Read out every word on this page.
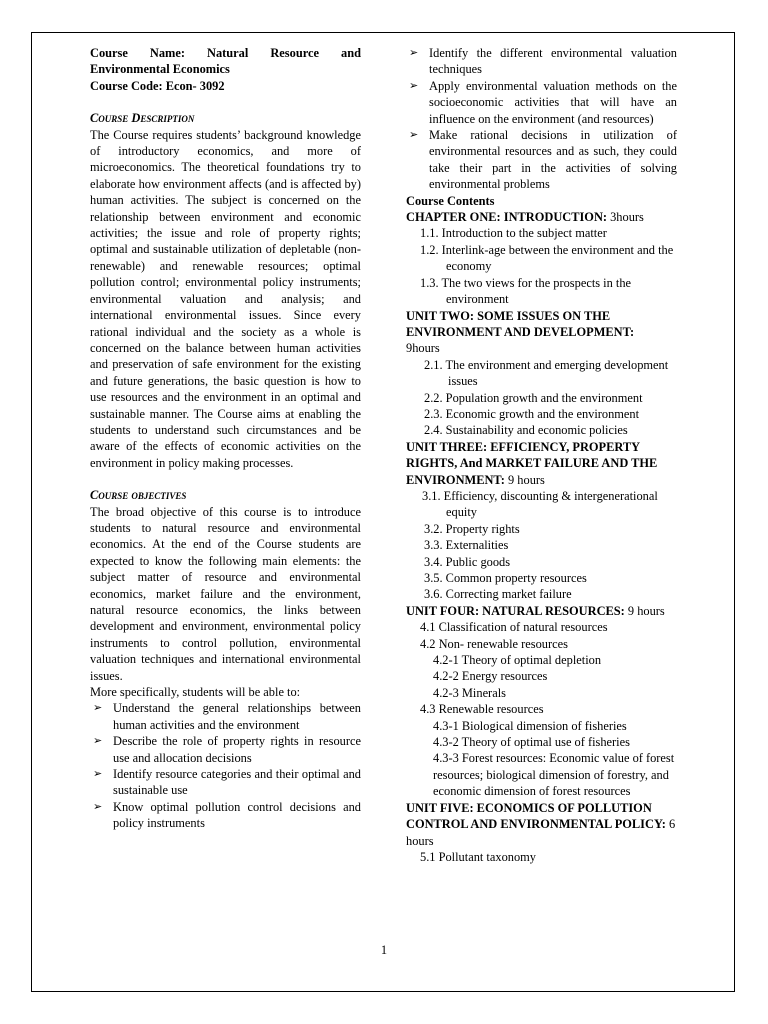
Course Name: Natural Resource and Environmental Economics
Course Code: Econ- 3092
Course Description
The Course requires students’ background knowledge of introductory economics, and more of microeconomics. The theoretical foundations try to elaborate how environment affects (and is affected by) human activities. The subject is concerned on the relationship between environment and economic activities; the issue and role of property rights; optimal and sustainable utilization of depletable (non-renewable) and renewable resources; optimal pollution control; environmental policy instruments; environmental valuation and analysis; and international environmental issues. Since every rational individual and the society as a whole is concerned on the balance between human activities and preservation of safe environment for the existing and future generations, the basic question is how to use resources and the environment in an optimal and sustainable manner. The Course aims at enabling the students to understand such circumstances and be aware of the effects of economic activities on the environment in policy making processes.
Course objectives
The broad objective of this course is to introduce students to natural resource and environmental economics. At the end of the Course students are expected to know the following main elements: the subject matter of resource and environmental economics, market failure and the environment, natural resource economics, the links between development and environment, environmental policy instruments to control pollution, environmental valuation techniques and international environmental issues.
More specifically, students will be able to:
➢ Understand the general relationships between human activities and the environment
➢ Describe the role of property rights in resource use and allocation decisions
➢ Identify resource categories and their optimal and sustainable use
➢ Know optimal pollution control decisions and policy instruments
➢ Identify the different environmental valuation techniques
➢ Apply environmental valuation methods on the socioeconomic activities that will have an influence on the environment (and resources)
➢ Make rational decisions in utilization of environmental resources and as such, they could take their part in the activities of solving environmental problems
Course Contents
CHAPTER ONE: INTRODUCTION: 3hours
1.1. Introduction to the subject matter
1.2. Interlink-age between the environment and the economy
1.3. The two views for the prospects in the environment
UNIT TWO: SOME ISSUES ON THE ENVIRONMENT AND DEVELOPMENT:
9hours
2.1. The environment and emerging development issues
2.2. Population growth and the environment
2.3. Economic growth and the environment
2.4. Sustainability and economic policies
UNIT THREE: EFFICIENCY, PROPERTY RIGHTS, And MARKET FAILURE AND THE ENVIRONMENT: 9 hours
3.1. Efficiency, discounting & intergenerational equity
3.2. Property rights
3.3. Externalities
3.4. Public goods
3.5. Common property resources
3.6. Correcting market failure
UNIT FOUR: NATURAL RESOURCES: 9 hours
4.1 Classification of natural resources
4.2 Non- renewable resources
4.2-1 Theory of optimal depletion
4.2-2 Energy resources
4.2-3 Minerals
4.3 Renewable resources
4.3-1 Biological dimension of fisheries
4.3-2 Theory of optimal use of fisheries
4.3-3 Forest resources: Economic value of forest resources; biological dimension of forestry, and economic dimension of forest resources
UNIT FIVE: ECONOMICS OF POLLUTION CONTROL AND ENVIRONMENTAL POLICY: 6 hours
5.1 Pollutant taxonomy
1
